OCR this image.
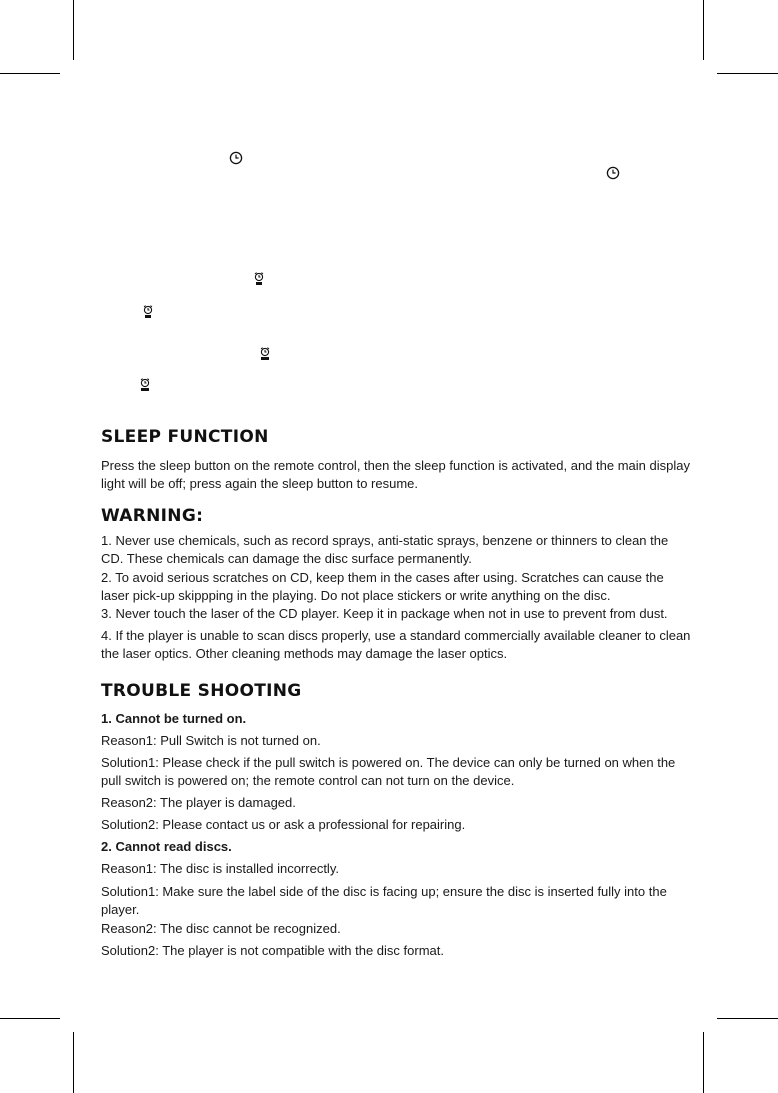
SLEEP FUNCTION

Press the sleep button on the remote control, then the sleep function is activated, and the main display light will be off; press again the sleep button to resume.

WARNING:

1. Never use chemicals, such as record sprays, anti-static sprays, benzene or thinners to clean the CD. These chemicals can damage the disc surface permanently.

2. To avoid serious scratches on CD, keep them in the cases after using. Scratches can cause the laser pick-up skippping in the playing. Do not place stickers or write anything on the disc.

3. Never touch the laser of the CD player. Keep it in package when not in use to prevent from dust.

4. If the player is unable to scan discs properly, use a standard commercially available cleaner to clean the laser optics. Other cleaning methods may damage the laser optics.

TROUBLE SHOOTING

1. Cannot be turned on.

Reason1: Pull Switch is not turned on.

Solution1: Please check if the pull switch is powered on. The device can only be turned on when the pull switch is powered on; the remote control can not turn on the device.

Reason2: The player is damaged.

Solution2: Please contact us or ask a professional for repairing.

2. Cannot read discs.

Reason1: The disc is installed incorrectly.

Solution1: Make sure the label side of the disc is facing up; ensure the disc is inserted fully into the player.

Reason2: The disc cannot be recognized.

Solution2: The player is not compatible with the disc format.
